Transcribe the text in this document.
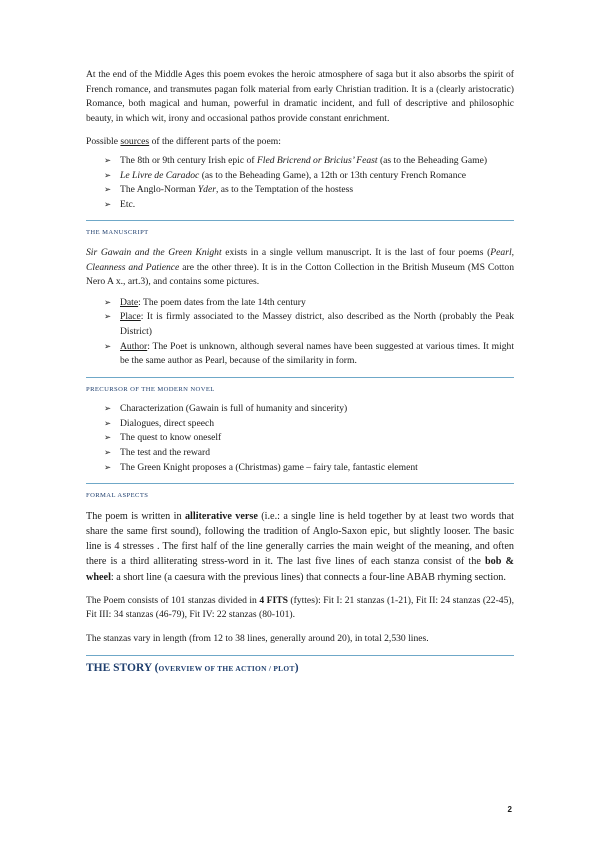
At the end of the Middle Ages this poem evokes the heroic atmosphere of saga but it also absorbs the spirit of French romance, and transmutes pagan folk material from early Christian tradition. It is a (clearly aristocratic) Romance, both magical and human, powerful in dramatic incident, and full of descriptive and philosophic beauty, in which wit, irony and occasional pathos provide constant enrichment.

Possible sources of the different parts of the poem:

➢ The 8th or 9th century Irish epic of Fled Bricrend or Bricius’ Feast (as to the Beheading Game)
➢ Le Livre de Caradoc (as to the Beheading Game), a 12th or 13th century French Romance
➢ The Anglo-Norman Yder, as to the Temptation of the hostess
➢ Etc.
THE MANUSCRIPT

Sir Gawain and the Green Knight exists in a single vellum manuscript. It is the last of four poems (Pearl, Cleanness and Patience are the other three). It is in the Cotton Collection in the British Museum (MS Cotton Nero A x., art.3), and contains some pictures.

➢ Date: The poem dates from the late 14th century
➢ Place: It is firmly associated to the Massey district, also described as the North (probably the Peak District)
➢ Author: The Poet is unknown, although several names have been suggested at various times. It might be the same author as Pearl, because of the similarity in form.
PRECURSOR OF THE MODERN NOVEL
➢ Characterization (Gawain is full of humanity and sincerity)
➢ Dialogues, direct speech
➢ The quest to know oneself
➢ The test and the reward
➢ The Green Knight proposes a (Christmas) game – fairy tale, fantastic element
FORMAL ASPECTS

The poem is written in alliterative verse (i.e.: a single line is held together by at least two words that share the same first sound), following the tradition of Anglo-Saxon epic, but slightly looser. The basic line is 4 stresses . The first half of the line generally carries the main weight of the meaning, and often there is a third alliterating stress-word in it. The last five lines of each stanza consist of the bob & wheel: a short line (a caesura with the previous lines) that connects a four-line ABAB rhyming section.

The Poem consists of 101 stanzas divided in 4 FITS (fyttes): Fit I: 21 stanzas (1-21), Fit II: 24 stanzas (22-45), Fit III: 34 stanzas (46-79), Fit IV: 22 stanzas (80-101).

The stanzas vary in length (from 12 to 38 lines, generally around 20), in total 2,530 lines.

THE STORY (OVERVIEW OF THE ACTION / PLOT)
2
